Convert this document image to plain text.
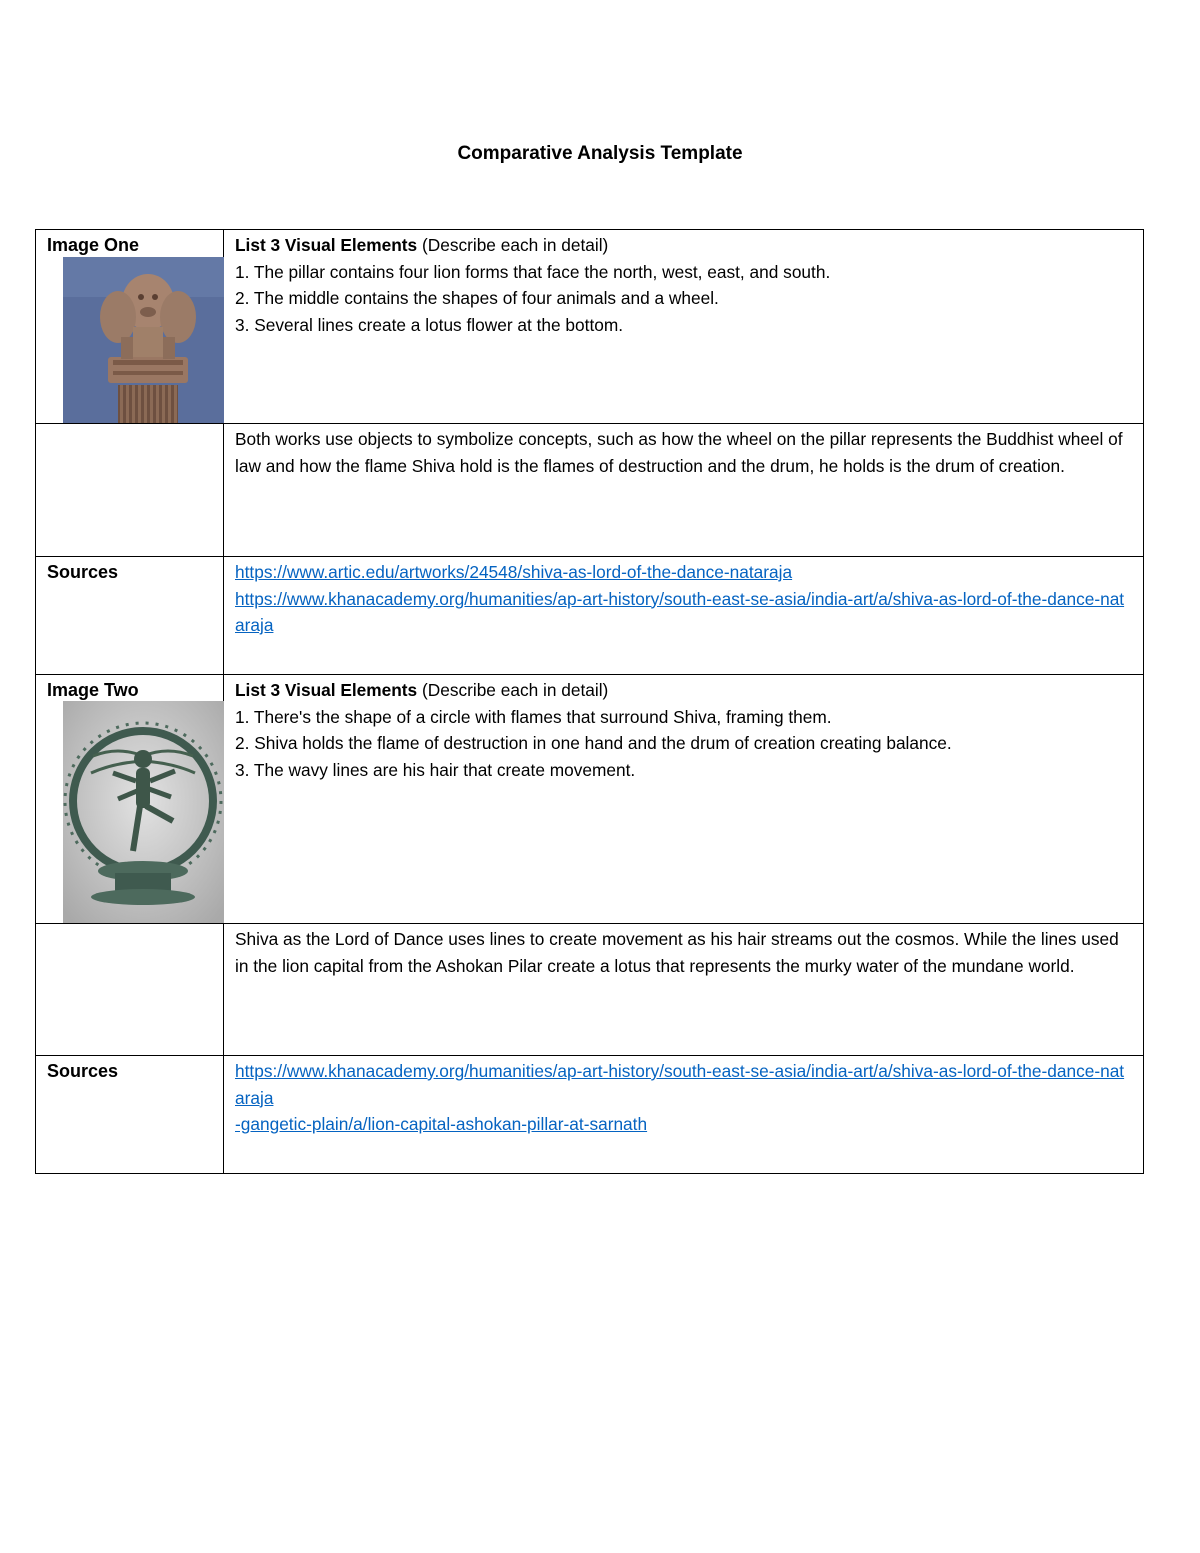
Comparative Analysis Template
Image One	List 3 Visual Elements (Describe each in detail)
1. The pillar contains four lion forms that face the north, west, east, and south.
2. The middle contains the shapes of four animals and a wheel.
3. Several lines create a lotus flower at the bottom.

	Both works use objects to symbolize concepts, such as how the wheel on the pillar represents the Buddhist wheel of law and how the flame Shiva hold is the flames of destruction and the drum, he holds is the drum of creation.

Sources	https://www.artic.edu/artworks/24548/shiva-as-lord-of-the-dance-nataraja
https://www.khanacademy.org/humanities/ap-art-history/south-east-se-asia/india-art/a/shiva-as-lord-of-the-dance-nataraja

Image Two	List 3 Visual Elements (Describe each in detail)
1. There's the shape of a circle with flames that surround Shiva, framing them.
2. Shiva holds the flame of destruction in one hand and the drum of creation creating balance.
3. The wavy lines are his hair that create movement.

	Shiva as the Lord of Dance uses lines to create movement as his hair streams out the cosmos. While the lines used in the lion capital from the Ashokan Pilar create a lotus that represents the murky water of the mundane world.

Sources	https://www.khanacademy.org/humanities/ap-art-history/south-east-se-asia/india-art/a/shiva-as-lord-of-the-dance-nataraja
-gangetic-plain/a/lion-capital-ashokan-pillar-at-sarnath
